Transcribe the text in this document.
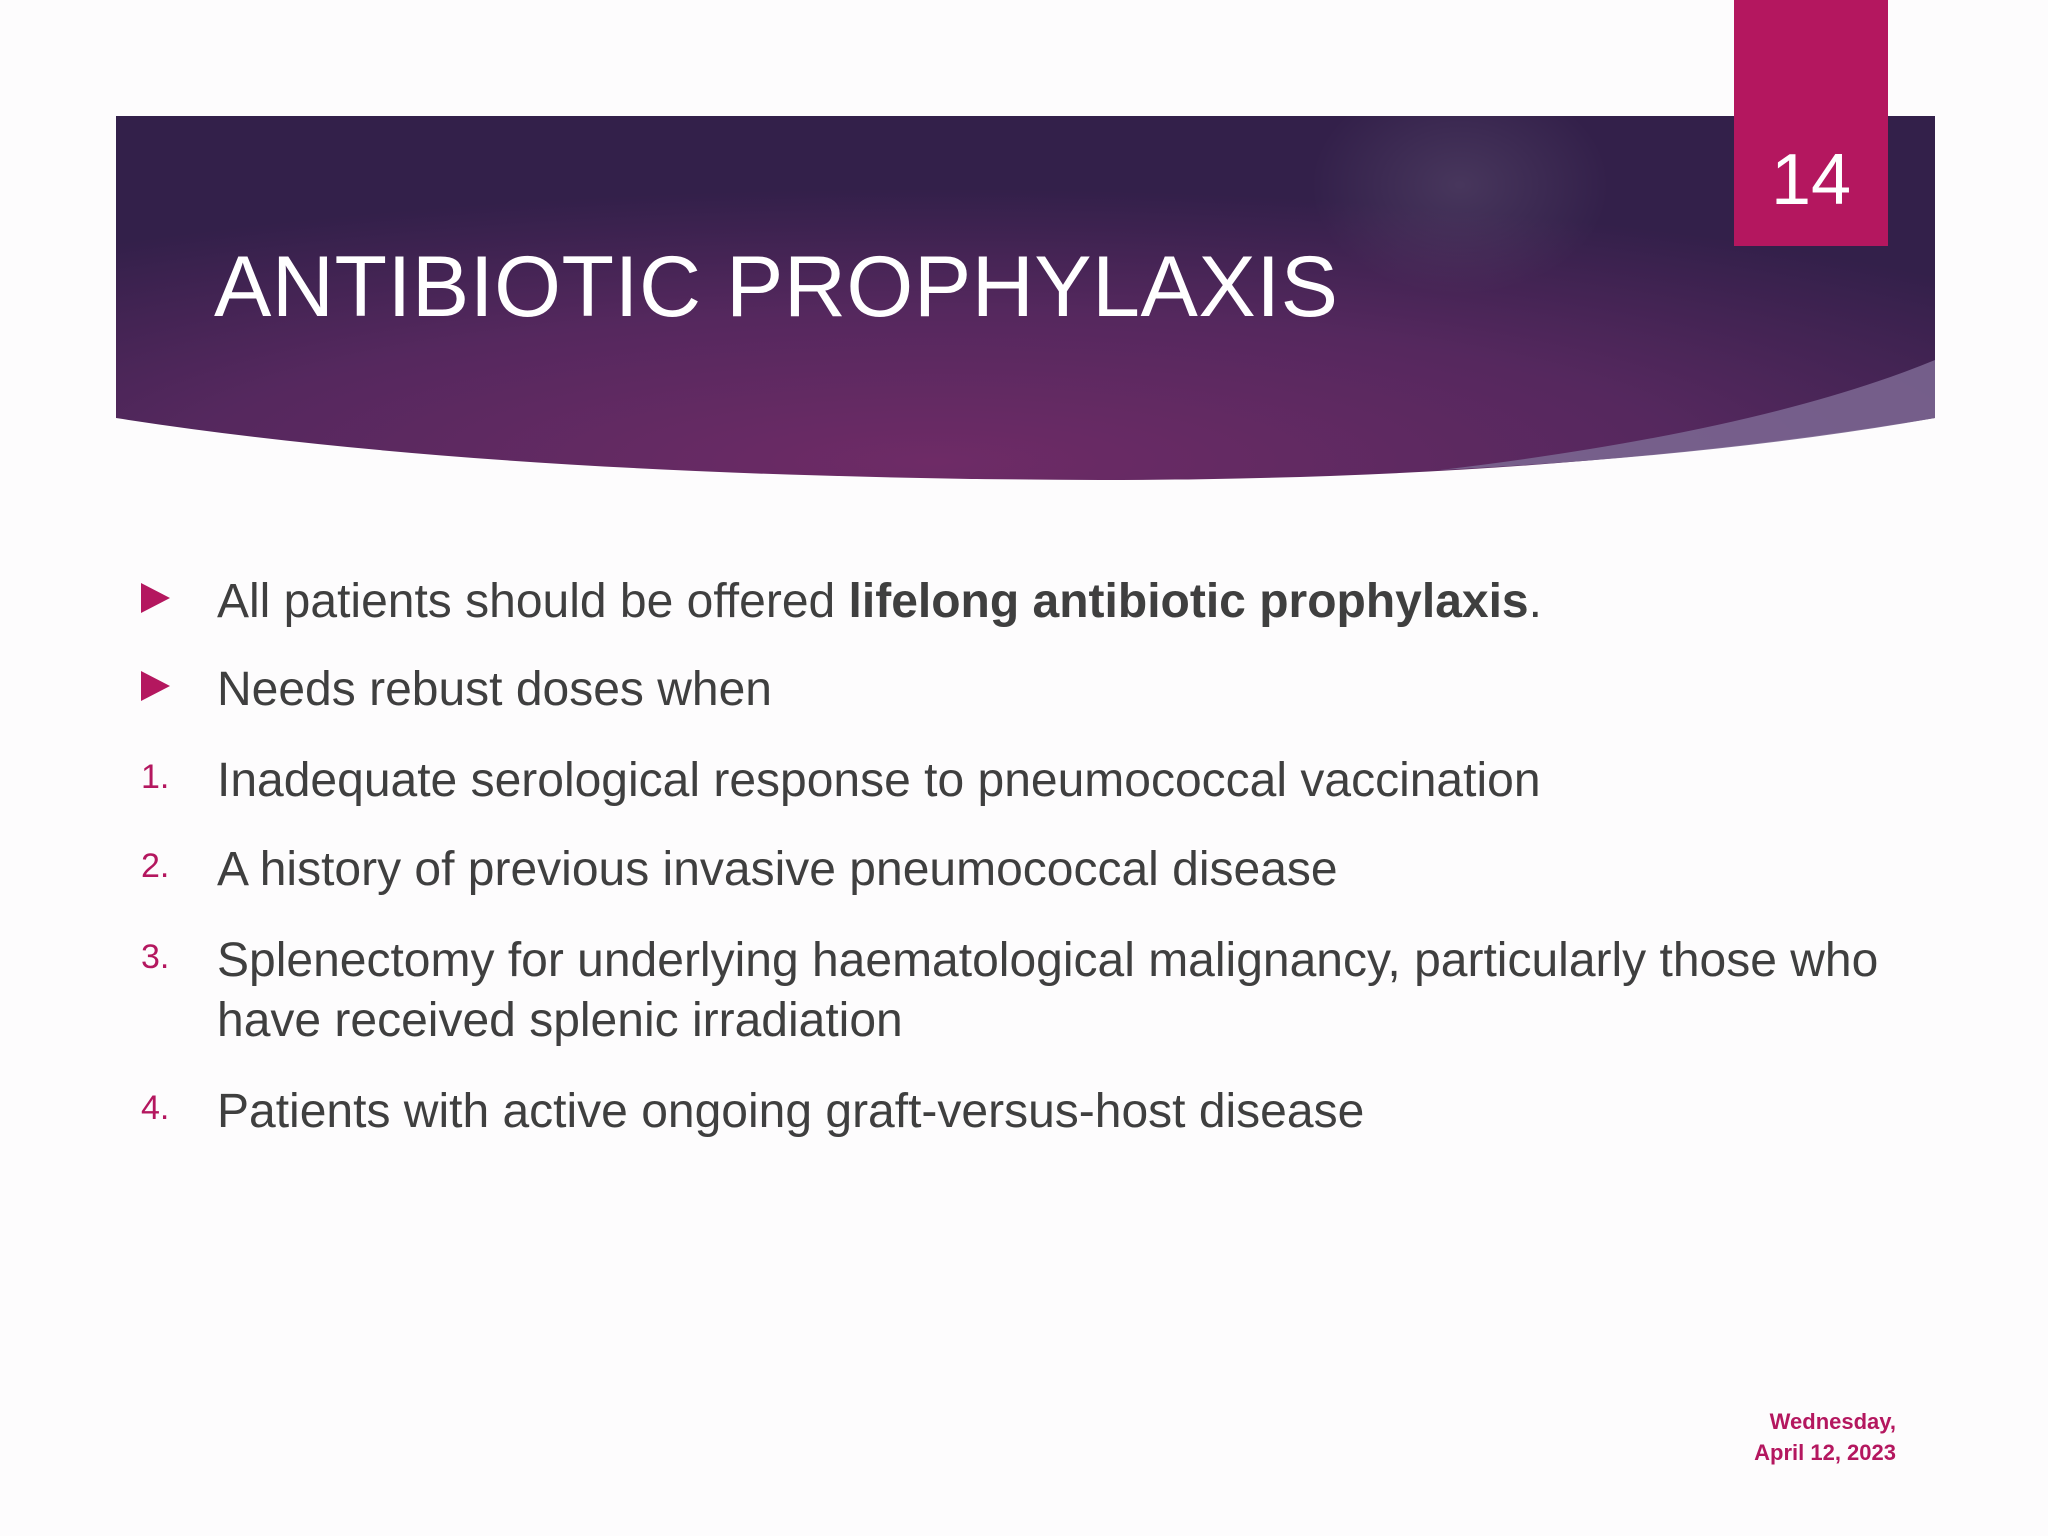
14
ANTIBIOTIC PROPHYLAXIS
All patients should be offered lifelong antibiotic prophylaxis.
Needs rebust doses when
1. Inadequate serological response to pneumococcal vaccination
2. A history of previous invasive pneumococcal disease
3. Splenectomy for underlying haematological malignancy, particularly those who have received splenic irradiation
4. Patients with active ongoing graft-versus-host disease
Wednesday,
April 12, 2023
